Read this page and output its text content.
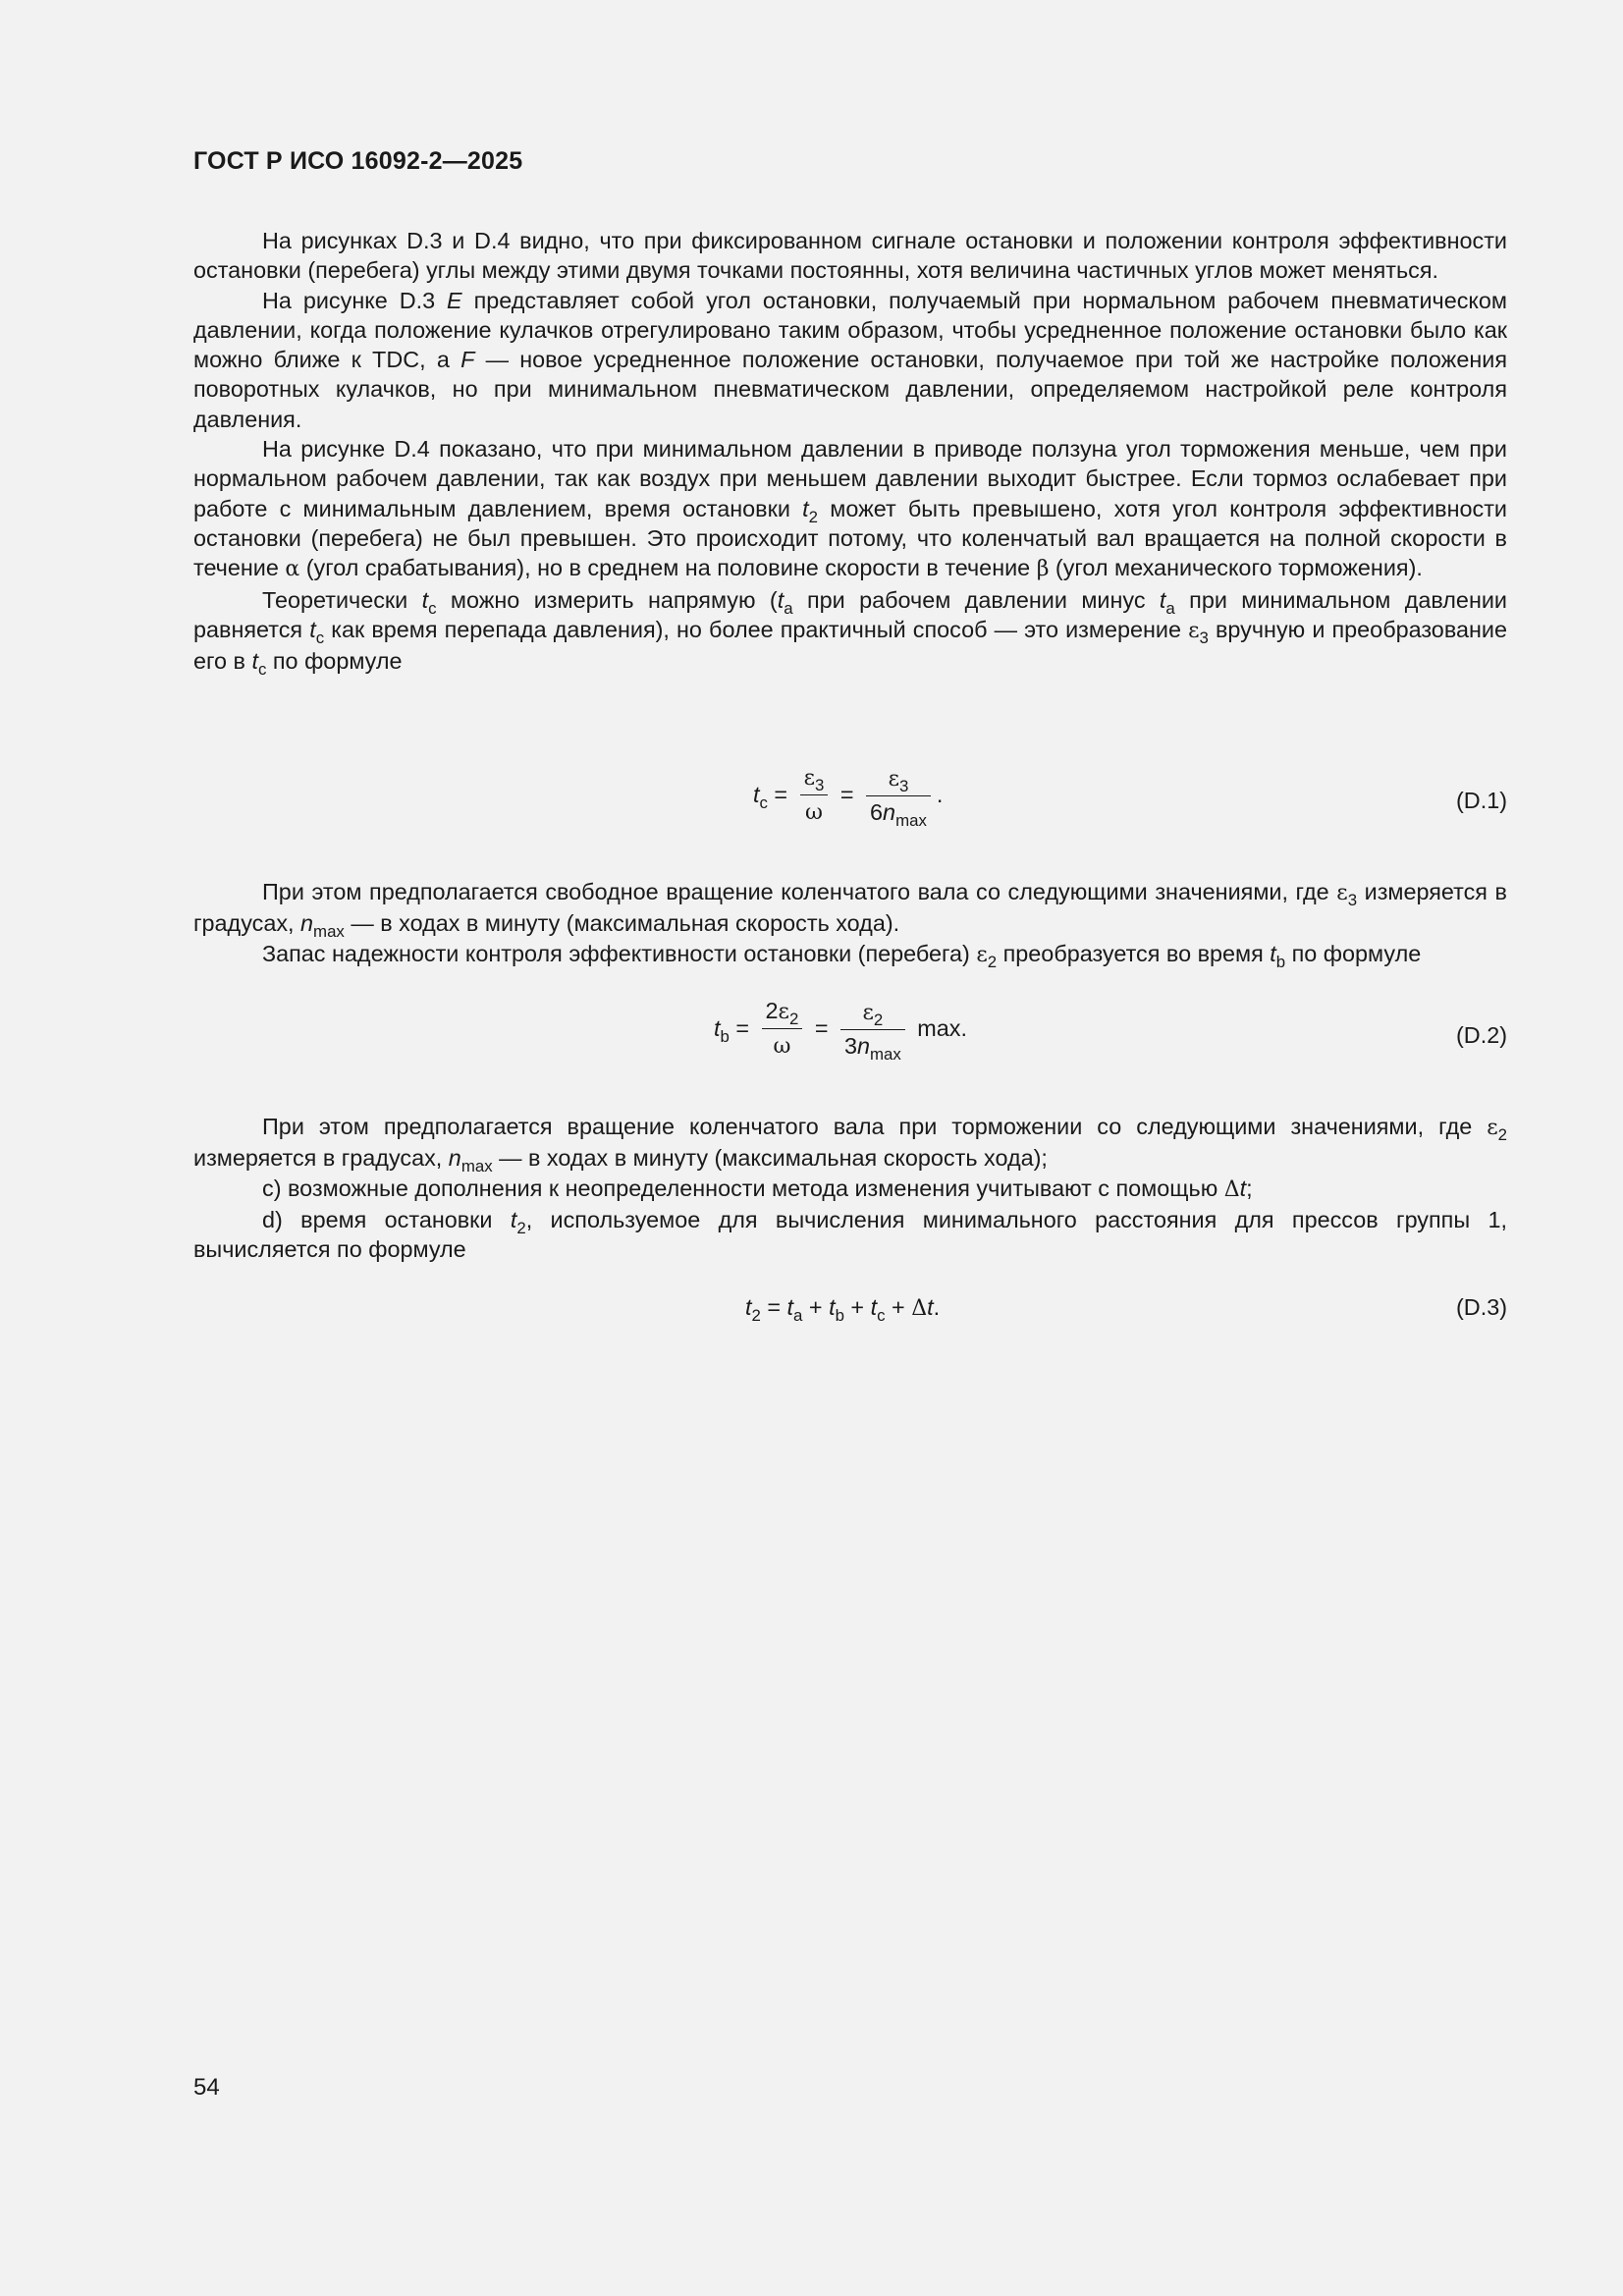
ГОСТ Р ИСО 16092-2—2025

На рисунках D.3 и D.4 видно, что при фиксированном сигнале остановки и положении контроля эффективности остановки (перебега) углы между этими двумя точками постоянны, хотя величина частичных углов может меняться.

На рисунке D.3 E представляет собой угол остановки, получаемый при нормальном рабочем пневматическом давлении, когда положение кулачков отрегулировано таким образом, чтобы усредненное положение остановки было как можно ближе к TDC, а F — новое усредненное положение остановки, получаемое при той же настройке положения поворотных кулачков, но при минимальном пневматическом давлении, определяемом настройкой реле контроля давления.

На рисунке D.4 показано, что при минимальном давлении в приводе ползуна угол торможения меньше, чем при нормальном рабочем давлении, так как воздух при меньшем давлении выходит быстрее. Если тормоз ослабевает при работе с минимальным давлением, время остановки $t_2$ может быть превышено, хотя угол контроля эффективности остановки (перебега) не был превышен. Это происходит потому, что коленчатый вал вращается на полной скорости в течение α (угол срабатывания), но в среднем на половине скорости в течение β (угол механического торможения).

Теоретически $t_c$ можно измерить напрямую ($t_a$ при рабочем давлении минус $t_a$ при минимальном давлении равняется $t_c$ как время перепада давления), но более практичный способ — это измерение $\varepsilon_3$ вручную и преобразование его в $t_c$ по формуле

$t_c = \frac{\varepsilon_3}{\omega} = \frac{\varepsilon_3}{6n_{max}}$ .	(D.1)

При этом предполагается свободное вращение коленчатого вала со следующими значениями, где $\varepsilon_3$ измеряется в градусах, $n_{max}$ — в ходах в минуту (максимальная скорость хода).

Запас надежности контроля эффективности остановки (перебега) $\varepsilon_2$ преобразуется во время $t_b$ по формуле

$t_b = \frac{2\varepsilon_2}{\omega} = \frac{\varepsilon_2}{3n_{max}} \max$.	(D.2)

При этом предполагается вращение коленчатого вала при торможении со следующими значениями, где $\varepsilon_2$ измеряется в градусах, $n_{max}$ — в ходах в минуту (максимальная скорость хода);

c) возможные дополнения к неопределенности метода изменения учитывают с помощью Δt;

d) время остановки $t_2$, используемое для вычисления минимального расстояния для прессов группы 1, вычисляется по формуле

$t_2 = t_a + t_b + t_c + \Delta t$.	(D.3)
54
